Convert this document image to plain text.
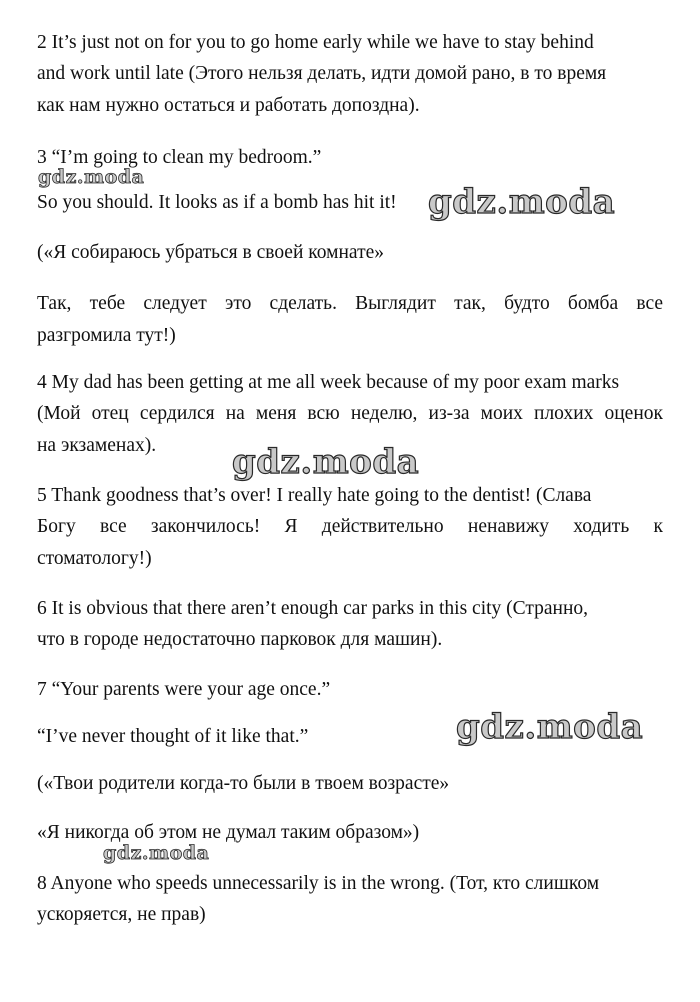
2 It’s just not on for you to go home early while we have to stay behind
and work until late (Этого нельзя делать, идти домой рано, в то время
как нам нужно остаться и работать допоздна).
3 “I’m going to clean my bedroom.”
So you should. It looks as if a bomb has hit it!
(«Я собираюсь убраться в своей комнате»
Так, тебе следует это сделать. Выглядит так, будто бомба все
разгромила тут!)
4 My dad has been getting at me all week because of my poor exam marks
(Мой отец сердился на меня всю неделю, из-за моих плохих оценок
на экзаменах).
5 Thank goodness that’s over! I really hate going to the dentist! (Слава
Богу все закончилось! Я действительно ненавижу ходить к
стоматологу!)
6 It is obvious that there aren’t enough car parks in this city (Странно,
что в городе недостаточно парковок для машин).
7 “Your parents were your age once.”
“I’ve never thought of it like that.”
(«Твои родители когда-то были в твоем возрасте»
«Я никогда об этом не думал таким образом»)
8 Anyone who speeds unnecessarily is in the wrong. (Тот, кто слишком
ускоряется, не прав)
gdz.moda
gdz.moda
gdz.moda
gdz.moda
gdz.moda
